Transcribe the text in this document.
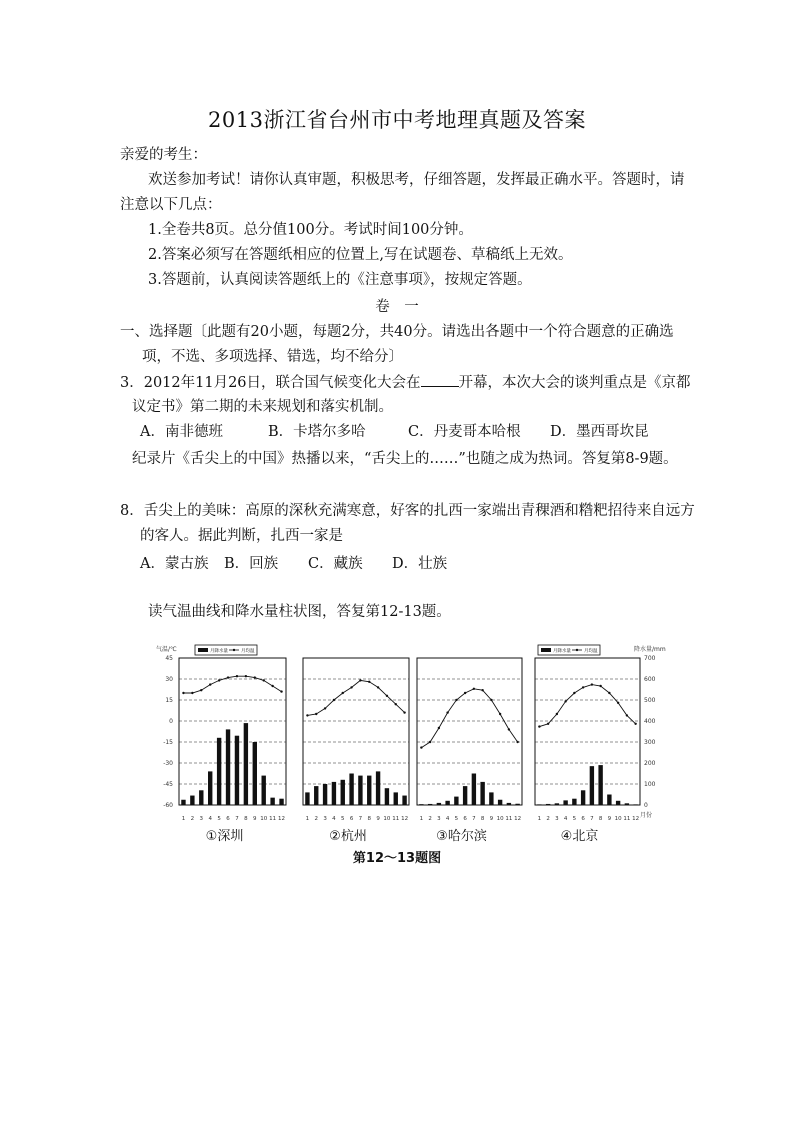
2013浙江省台州市中考地理真题及答案
亲爱的考生：
欢送参加考试！请你认真审题，积极思考，仔细答题，发挥最正确水平。答题时，请
注意以下几点：
1.全卷共8页。总分值100分。考试时间100分钟。
2.答案必须写在答题纸相应的位置上,写在试题卷、草稿纸上无效。
3.答题前，认真阅读答题纸上的《注意事项》，按规定答题。
卷　一
一、选择题〔此题有20小题，每题2分，共40分。请选出各题中一个符合题意的正确选
项，不选、多项选择、错选，均不给分〕
3．2012年11月26日，联合国气候变化大会在	开幕，本次大会的谈判重点是《京都
议定书》第二期的未来规划和落实机制。
A．南非德班	B．卡塔尔多哈	C．丹麦哥本哈根 D．墨西哥坎昆
纪录片《舌尖上的中国》热播以来，“舌尖上的……”也随之成为热词。答复第8-9题。
8．舌尖上的美味：高原的深秋充满寒意，好客的扎西一家端出青稞酒和糌粑招待来自远方
的客人。据此判断，扎西一家是
A．蒙古族 B．回族 C．藏族 D．壮族
读气温曲线和降水量柱状图，答复第12-13题。
气温/℃
45
30
15
0
-15
-30
-45
-60
降水量/mm
700
600
500
400
300
200
100
0
月份
月降水量	月均温	月降水量	月均温
1 2 3 4 5 6 7 8 9 10 11 12
①深圳
1 2 3 4 5 6 7 8 9 10 11 12
②杭州
1 2 3 4 5 6 7 8 9 10 11 12
③哈尔滨
1 2 3 4 5 6 7 8 9 10 11 12
④北京
第12～13题图
